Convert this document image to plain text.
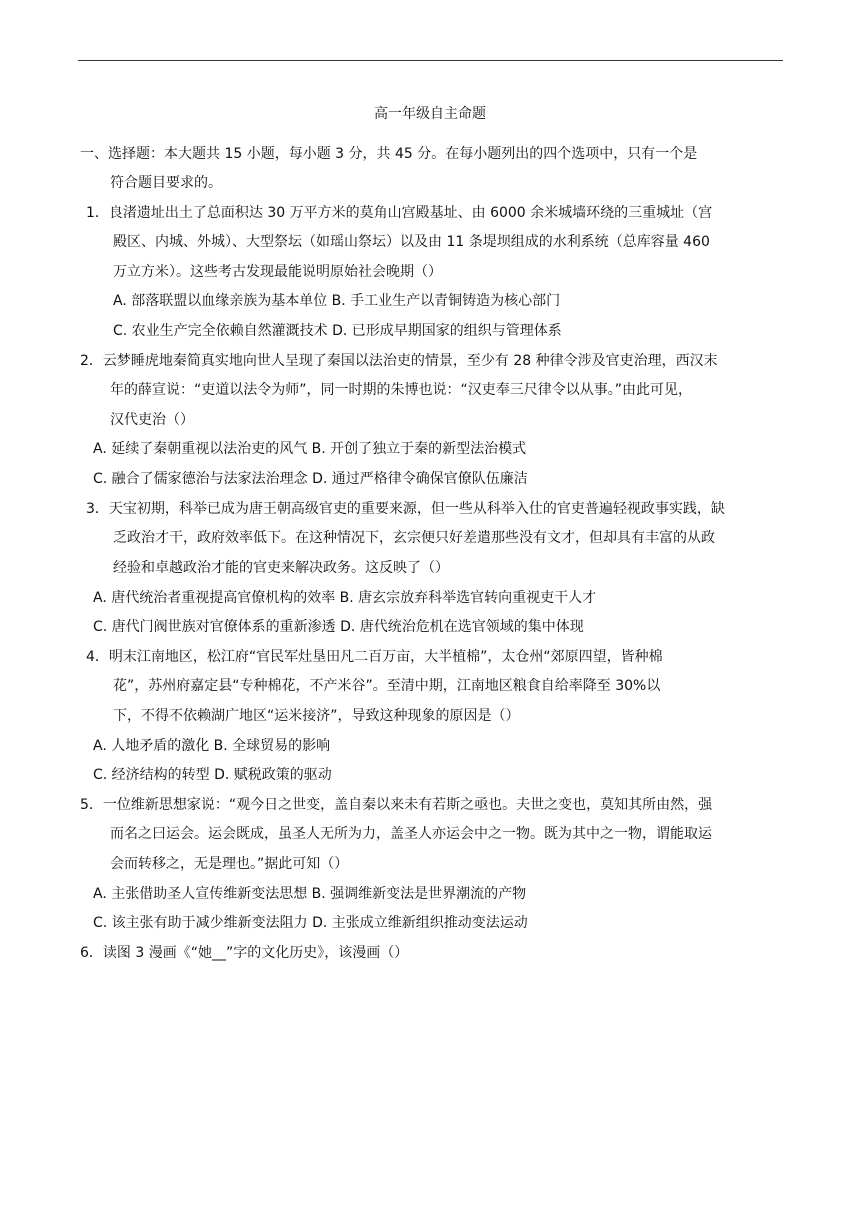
高一年级自主命题
一、选择题：本大题共 15 小题，每小题 3 分，共 45 分。在每小题列出的四个选项中，只有一个是
符合题目要求的。
1．良渚遗址出土了总面积达 30 万平方米的莫角山宫殿基址、由 6000 余米城墙环绕的三重城址（宫
殿区、内城、外城）、大型祭坛（如瑶山祭坛）以及由 11 条堤坝组成的水利系统（总库容量 460
万立方米）。这些考古发现最能说明原始社会晚期（）
A. 部落联盟以血缘亲族为基本单位 B. 手工业生产以青铜铸造为核心部门
C. 农业生产完全依赖自然灌溉技术 D. 已形成早期国家的组织与管理体系
2．云梦睡虎地秦简真实地向世人呈现了秦国以法治吏的情景，至少有 28 种律令涉及官吏治理，西汉末
年的薛宣说：“吏道以法令为师”，同一时期的朱博也说：“汉吏奉三尺律令以从事。”由此可见，
汉代吏治（）
A. 延续了秦朝重视以法治吏的风气 B. 开创了独立于秦的新型法治模式
C. 融合了儒家德治与法家法治理念 D. 通过严格律令确保官僚队伍廉洁
3．天宝初期，科举已成为唐王朝高级官吏的重要来源，但一些从科举入仕的官吏普遍轻视政事实践，缺
乏政治才干，政府效率低下。在这种情况下，玄宗便只好差遣那些没有文才，但却具有丰富的从政
经验和卓越政治才能的官吏来解决政务。这反映了（）
A. 唐代统治者重视提高官僚机构的效率 B. 唐玄宗放弃科举选官转向重视吏干人才
C. 唐代门阀世族对官僚体系的重新渗透 D. 唐代统治危机在选官领域的集中体现
4．明末江南地区，松江府“官民军灶垦田凡二百万亩，大半植棉”，太仓州“郊原四望，皆种棉
花”，苏州府嘉定县“专种棉花，不产米谷”。至清中期，江南地区粮食自给率降至 30%以
下，不得不依赖湖广地区“运米接济”，导致这种现象的原因是（）
A. 人地矛盾的激化 B. 全球贸易的影响
C. 经济结构的转型 D. 赋税政策的驱动
5．一位维新思想家说：“观今日之世变，盖自秦以来未有若斯之亟也。夫世之变也，莫知其所由然，强
而名之曰运会。运会既成，虽圣人无所为力，盖圣人亦运会中之一物。既为其中之一物，谓能取运
会而转移之，无是理也。”据此可知（）
A. 主张借助圣人宣传维新变法思想 B. 强调维新变法是世界潮流的产物
C. 该主张有助于减少维新变法阻力 D. 主张成立维新组织推动变法运动
6．读图 3 漫画《“她__”字的文化历史》，该漫画（）
